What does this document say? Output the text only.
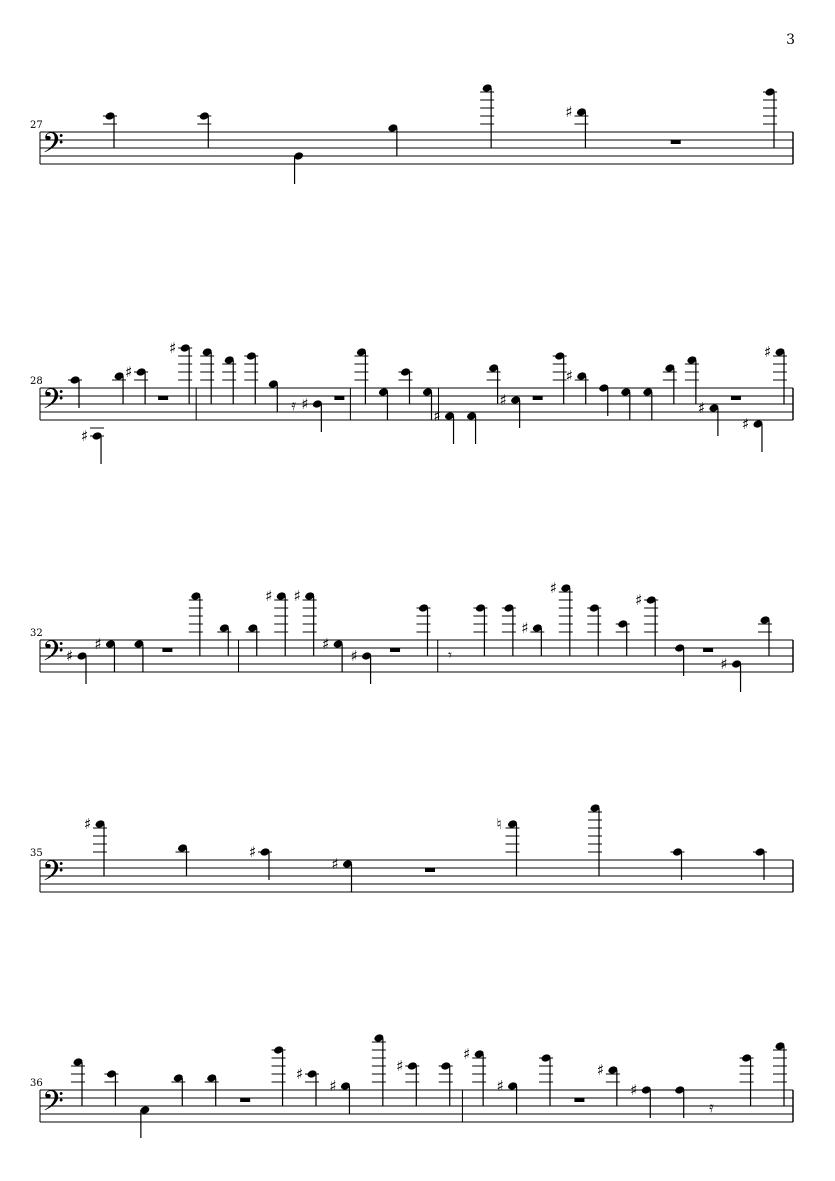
3
𝄢
27
♯
𝄢
28
♯
♯
♯
𝄿 ♯
♯
♯
♯
♯
♯
♯
𝄢
32
♯
♯
♯ ♯
♯
♯	𝄾
♯
♯
♯
♯
𝄢
35
♯
♯
♯
♮
𝄢
36
♯
♯
♯
♯
♯
♯
♯
𝄿
